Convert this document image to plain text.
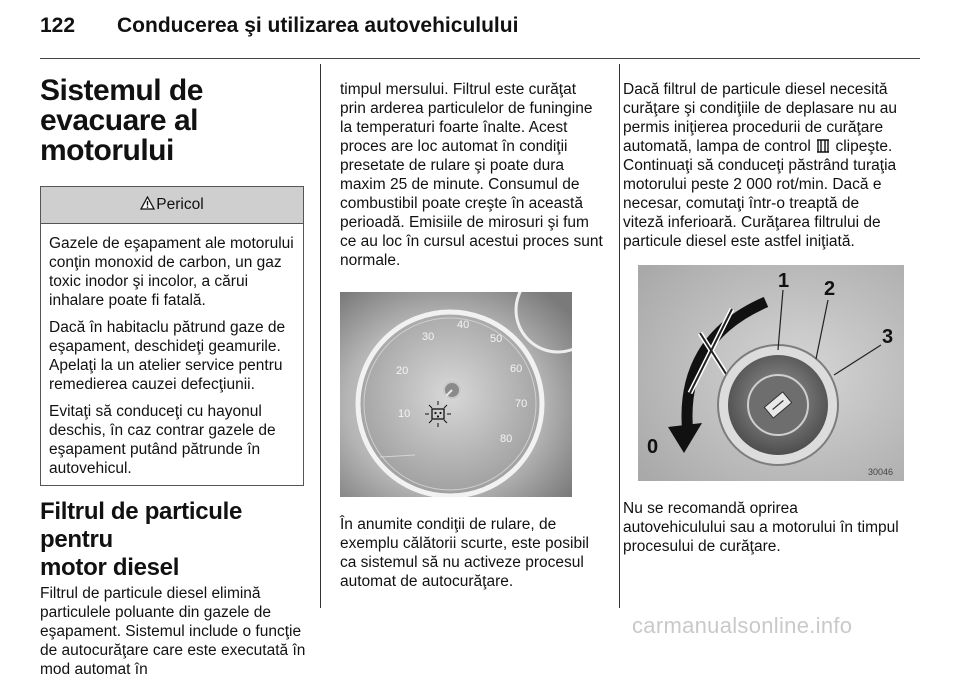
122 Conducerea şi utilizarea autovehiculului
Sistemul de evacuare al
motorului
Pericol

Gazele de eşapament ale motorului conţin monoxid de carbon, un gaz toxic inodor şi incolor, a cărui inhalare poate fi fatală.

Dacă în habitaclu pătrund gaze de eşapament, deschideţi geamurile. Apelaţi la un atelier service pentru remedierea cauzei defecţiunii.

Evitaţi să conduceţi cu hayonul deschis, în caz contrar gazele de eşapament putând pătrunde în autovehicul.

Filtrul de particule pentru
motor diesel

Filtrul de particule diesel elimină particulele poluante din gazele de eşapament. Sistemul include o funcţie de autocurăţare care este executată în mod automat în

timpul mersului. Filtrul este curăţat prin arderea particulelor de funingine la temperaturi foarte înalte. Acest proces are loc automat în condiţii presetate de rulare şi poate dura maxim 25 de minute. Consumul de combustibil poate creşte în această perioadă. Emisiile de mirosuri şi fum ce au loc în cursul acestui proces sunt normale.

10
20
30
40
50
60
70
80

În anumite condiţii de rulare, de exemplu călătorii scurte, este posibil ca sistemul să nu activeze procesul automat de autocurăţare.

Dacă filtrul de particule diesel necesită curăţare şi condiţiile de deplasare nu au permis iniţierea procedurii de curăţare automată, lampa de control clipeşte. Continuaţi să conduceţi păstrând turaţia motorului peste 2 000 rot/min. Dacă e necesar, comutaţi într-o treaptă de viteză inferioară. Curăţarea filtrului de particule diesel este astfel iniţiată.

0
1 2
3
30046

Nu se recomandă oprirea autovehiculului sau a motorului în timpul procesului de curăţare.

carmanualsonline.info
